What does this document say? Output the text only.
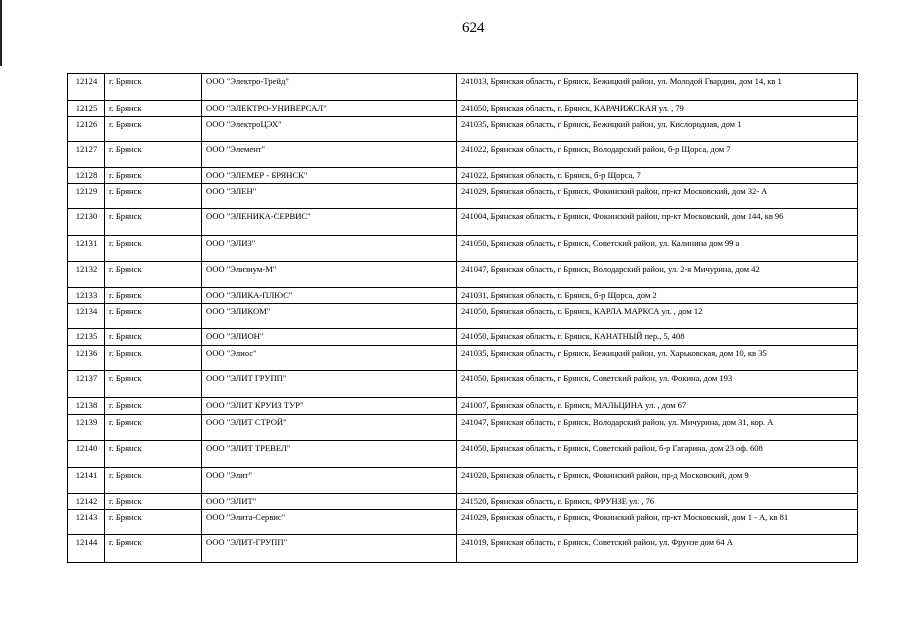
624
12124	г. Брянск	ООО "Электро-Трейд"	241013, Брянская область, г Брянск, Бежицкий район, ул. Молодой Гвардии, дом 14, кв 1
12125	г. Брянск	ООО "ЭЛЕКТРО-УНИВЕРСАЛ"	241050, Брянская область, г. Брянск, КАРАЧИЖСКАЯ ул. , 79
12126	г. Брянск	ООО "ЭлектроЦЭХ"	241035, Брянская область, г Брянск, Бежицкий район, ул. Кислородная, дом 1
12127	г. Брянск	ООО "Элемент"	241022, Брянская область, г Брянск, Володарский район, б-р Щорса, дом 7
12128	г. Брянск	ООО "ЭЛЕМЕР - БРЯНСК"	241022, Брянская область, г. Брянск, б-р Щорса, 7
12129	г. Брянск	ООО "ЭЛЕН"	241029, Брянская область, г Брянск, Фокинский район, пр-кт Московский, дом 32- А
12130	г. Брянск	ООО "ЭЛЕНИКА-СЕРВИС"	241004, Брянская область, г Брянск, Фокинский район, пр-кт Московский, дом 144, кв 96
12131	г. Брянск	ООО "ЭЛИЗ"	241050, Брянская область, г Брянск, Советский район, ул. Калинина дом 99 а
12132	г. Брянск	ООО "Элизиум-М"	241047, Брянская область, г Брянск, Володарский район, ул. 2-я Мичурина, дом 42
12133	г. Брянск	ООО "ЭЛИКА-ПЛЮС"	241031, Брянская область, г. Брянск, б-р Щорса, дом 2
12134	г. Брянск	ООО "ЭЛИКОМ"	241050, Брянская область, г. Брянск, КАРЛА МАРКСА ул. , дом 12
12135	г. Брянск	ООО "ЭЛИОН"	241050, Брянская область, г. Брянск, КАНАТНЫЙ пер., 5, 408
12136	г. Брянск	ООО "Элиос"	241035, Брянская область, г Брянск, Бежицкий район, ул. Харьковская, дом 10, кв 35
12137	г. Брянск	ООО "ЭЛИТ ГРУПП"	241050, Брянская область, г Брянск, Советский район, ул. Фокина, дом 193
12138	г. Брянск	ООО "ЭЛИТ КРУИЗ ТУР"	241007, Брянская область, г. Брянск, МАЛЬЦИНА ул. , дом 67
12139	г. Брянск	ООО "ЭЛИТ СТРОЙ"	241047, Брянская область, г Брянск, Володарский район, ул. Мичурина, дом 31, кор. А
12140	г. Брянск	ООО "ЭЛИТ ТРЕВЕЛ"	241050, Брянская область, г Брянск, Советский район, б-р Гагарина, дом 23 оф. 608
12141	г. Брянск	ООО "Элит"	241020, Брянская область, г Брянск, Фокинский район, пр-д Московский, дом 9
12142	г. Брянск	ООО "ЭЛИТ"	241520, Брянская область, г. Брянск, ФРУНЗЕ ул. , 76
12143	г. Брянск	ООО "Элита-Сервис"	241029, Брянская область, г Брянск, Фокинский район, пр-кт Московский, дом 1 - А, кв 81
12144	г. Брянск	ООО "ЭЛИТ-ГРУПП"	241019, Брянская область, г Брянск, Советский район, ул. Фрунзе дом 64 А
